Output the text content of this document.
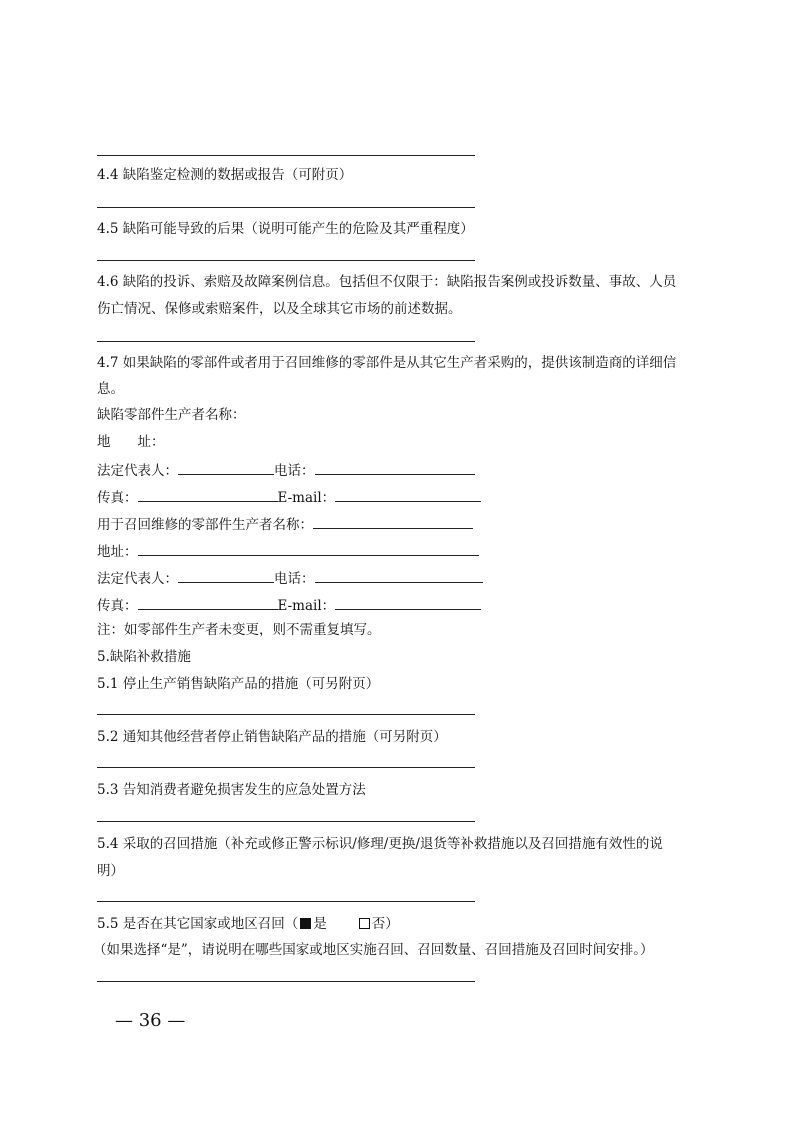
4.4 缺陷鉴定检测的数据或报告（可附页）
4.5 缺陷可能导致的后果（说明可能产生的危险及其严重程度）
4.6 缺陷的投诉、索赔及故障案例信息。包括但不仅限于：缺陷报告案例或投诉数量、事故、人员
伤亡情况、保修或索赔案件，以及全球其它市场的前述数据。
4.7 如果缺陷的零部件或者用于召回维修的零部件是从其它生产者采购的，提供该制造商的详细信
息。
缺陷零部件生产者名称：
地　　址：
法定代表人：	电话：
传真：	E-mail：
用于召回维修的零部件生产者名称：
地址：
法定代表人：	电话：
传真：	E-mail：
注：如零部件生产者未变更，则不需重复填写。
5.缺陷补救措施
5.1 停止生产销售缺陷产品的措施（可另附页）
5.2 通知其他经营者停止销售缺陷产品的措施（可另附页）
5.3 告知消费者避免损害发生的应急处置方法
5.4 采取的召回措施（补充或修正警示标识/修理/更换/退货等补救措施以及召回措施有效性的说
明）
5.5 是否在其它国家或地区召回（ 是	否）
（如果选择“是”，请说明在哪些国家或地区实施召回、召回数量、召回措施及召回时间安排。）
— 36 —
